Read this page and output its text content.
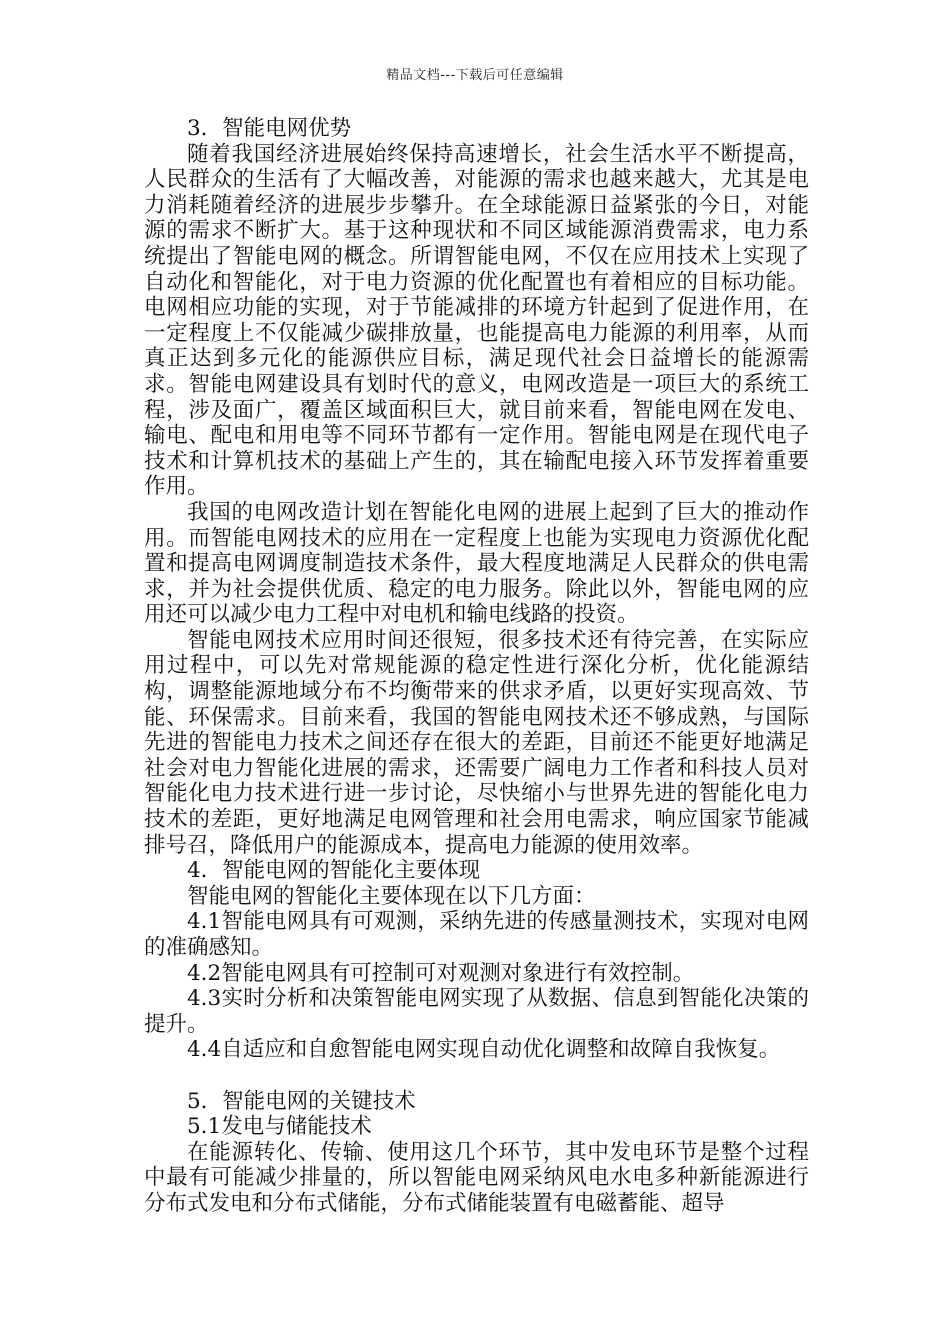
精品文档---下载后可任意编辑

3．智能电网优势

随着我国经济进展始终保持高速增长，社会生活水平不断提高，人民群众的生活有了大幅改善，对能源的需求也越来越大，尤其是电力消耗随着经济的进展步步攀升。在全球能源日益紧张的今日，对能源的需求不断扩大。基于这种现状和不同区域能源消费需求，电力系统提出了智能电网的概念。所谓智能电网，不仅在应用技术上实现了自动化和智能化，对于电力资源的优化配置也有着相应的目标功能。电网相应功能的实现，对于节能减排的环境方针起到了促进作用，在一定程度上不仅能减少碳排放量，也能提高电力能源的利用率，从而真正达到多元化的能源供应目标，满足现代社会日益增长的能源需求。智能电网建设具有划时代的意义，电网改造是一项巨大的系统工程，涉及面广，覆盖区域面积巨大，就目前来看，智能电网在发电、输电、配电和用电等不同环节都有一定作用。智能电网是在现代电子技术和计算机技术的基础上产生的，其在输配电接入环节发挥着重要作用。

我国的电网改造计划在智能化电网的进展上起到了巨大的推动作用。而智能电网技术的应用在一定程度上也能为实现电力资源优化配置和提高电网调度制造技术条件，最大程度地满足人民群众的供电需求，并为社会提供优质、稳定的电力服务。除此以外，智能电网的应用还可以减少电力工程中对电机和输电线路的投资。

智能电网技术应用时间还很短，很多技术还有待完善，在实际应用过程中，可以先对常规能源的稳定性进行深化分析，优化能源结构，调整能源地域分布不均衡带来的供求矛盾，以更好实现高效、节能、环保需求。目前来看，我国的智能电网技术还不够成熟，与国际先进的智能电力技术之间还存在很大的差距，目前还不能更好地满足社会对电力智能化进展的需求，还需要广阔电力工作者和科技人员对智能化电力技术进行进一步讨论，尽快缩小与世界先进的智能化电力技术的差距，更好地满足电网管理和社会用电需求，响应国家节能减排号召，降低用户的能源成本，提高电力能源的使用效率。

4．智能电网的智能化主要体现

智能电网的智能化主要体现在以下几方面：

4.1智能电网具有可观测，采纳先进的传感量测技术，实现对电网的准确感知。

4.2智能电网具有可控制可对观测对象进行有效控制。

4.3实时分析和决策智能电网实现了从数据、信息到智能化决策的提升。

4.4自适应和自愈智能电网实现自动优化调整和故障自我恢复。

5．智能电网的关键技术

5.1发电与储能技术

在能源转化、传输、使用这几个环节，其中发电环节是整个过程中最有可能减少排量的，所以智能电网采纳风电水电多种新能源进行分布式发电和分布式储能，分布式储能装置有电磁蓄能、超导
